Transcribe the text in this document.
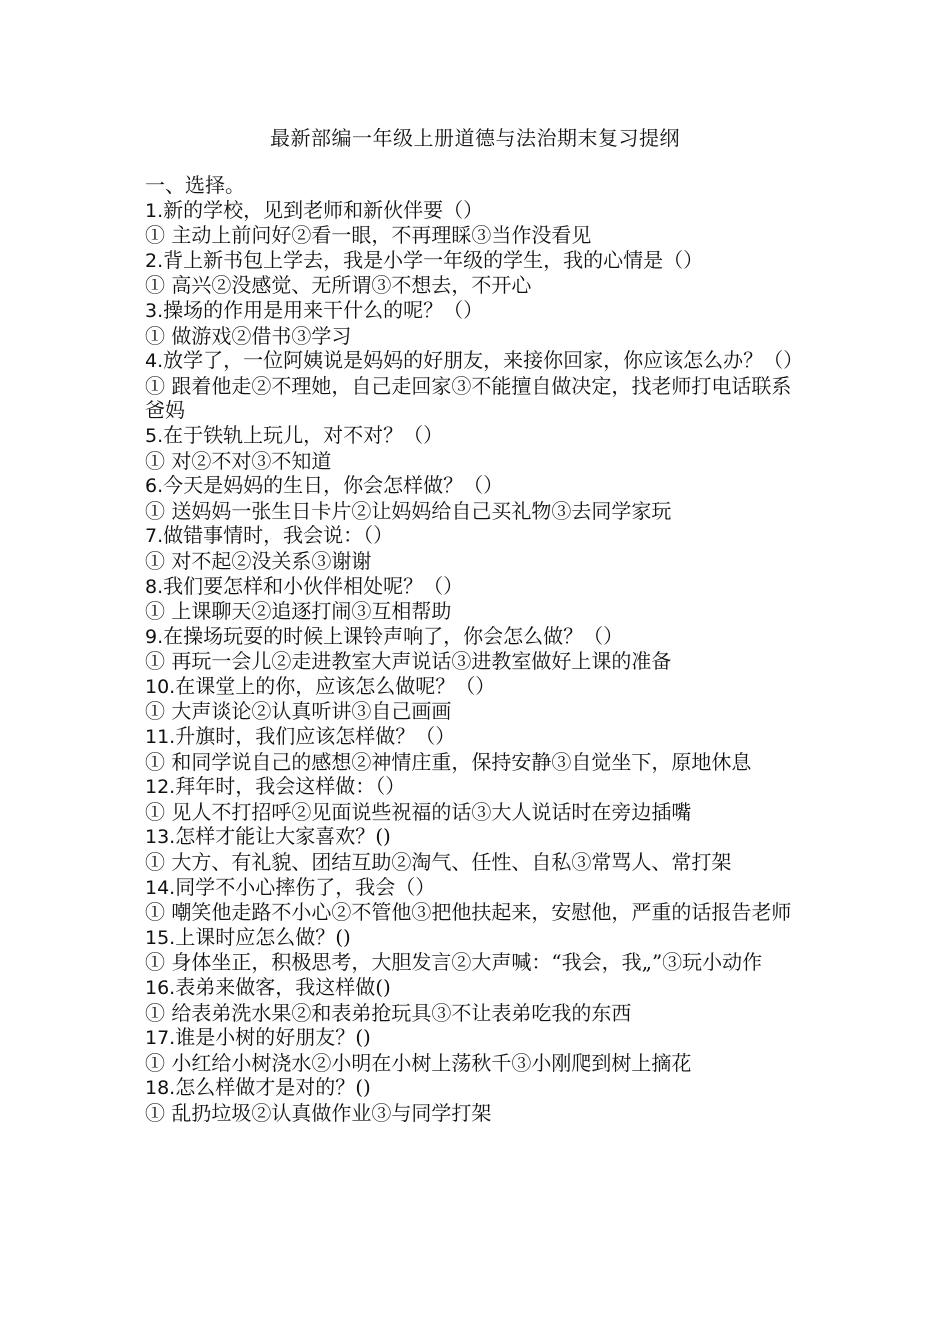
最新部编一年级上册道德与法治期末复习提纲

一、选择。

1.新的学校，见到老师和新伙伴要（）

① 主动上前问好②看一眼，不再理睬③当作没看见

2.背上新书包上学去，我是小学一年级的学生，我的心情是（）

① 高兴②没感觉、无所谓③不想去，不开心

3.操场的作用是用来干什么的呢？（）

① 做游戏②借书③学习

4.放学了，一位阿姨说是妈妈的好朋友，来接你回家，你应该怎么办？（）

① 跟着他走②不理她，自己走回家③不能擅自做决定，找老师打电话联系爸妈

5.在于铁轨上玩儿，对不对？（）

① 对②不对③不知道

6.今天是妈妈的生日，你会怎样做？（）

① 送妈妈一张生日卡片②让妈妈给自己买礼物③去同学家玩

7.做错事情时，我会说：（）

① 对不起②没关系③谢谢

8.我们要怎样和小伙伴相处呢？（）

① 上课聊天②追逐打闹③互相帮助

9.在操场玩耍的时候上课铃声响了，你会怎么做？（）

① 再玩一会儿②走进教室大声说话③进教室做好上课的准备

10.在课堂上的你，应该怎么做呢？（）

① 大声谈论②认真听讲③自己画画

11.升旗时，我们应该怎样做？（）

① 和同学说自己的感想②神情庄重，保持安静③自觉坐下，原地休息

12.拜年时，我会这样做：（）

① 见人不打招呼②见面说些祝福的话③大人说话时在旁边插嘴

13.怎样才能让大家喜欢？()

① 大方、有礼貌、团结互助②淘气、任性、自私③常骂人、常打架

14.同学不小心摔伤了，我会（）

① 嘲笑他走路不小心②不管他③把他扶起来，安慰他，严重的话报告老师

15.上课时应怎么做？()

① 身体坐正，积极思考，大胆发言②大声喊：“我会，我„”③玩小动作

16.表弟来做客，我这样做()

① 给表弟洗水果②和表弟抢玩具③不让表弟吃我的东西

17.谁是小树的好朋友？()

① 小红给小树浇水②小明在小树上荡秋千③小刚爬到树上摘花

18.怎么样做才是对的？()

① 乱扔垃圾②认真做作业③与同学打架
